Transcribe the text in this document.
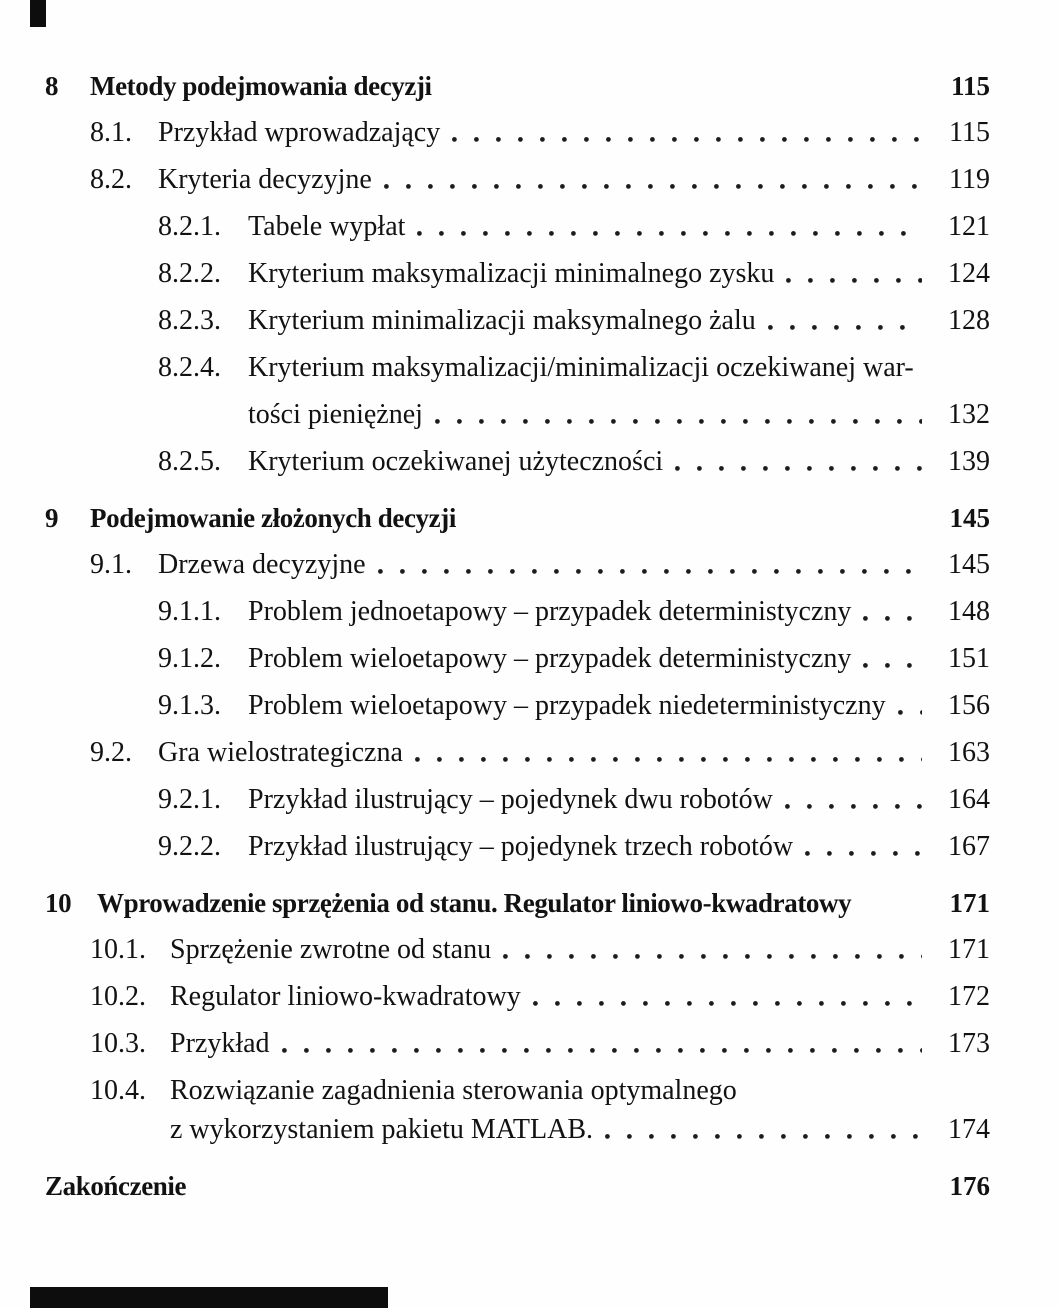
8	Metody podejmowania decyzji	115
8.1. Przykład wprowadzający	115
8.2. Kryteria decyzyjne	119
8.2.1. Tabele wypłat	121
8.2.2. Kryterium maksymalizacji minimalnego zysku	124
8.2.3. Kryterium minimalizacji maksymalnego żalu	128
8.2.4. Kryterium maksymalizacji/minimalizacji oczekiwanej war-
tości pieniężnej	132
8.2.5. Kryterium oczekiwanej użyteczności	139
9	Podejmowanie złożonych decyzji	145
9.1. Drzewa decyzyjne	145
9.1.1. Problem jednoetapowy – przypadek deterministyczny	148
9.1.2. Problem wieloetapowy – przypadek deterministyczny	151
9.1.3. Problem wieloetapowy – przypadek niedeterministyczny	156
9.2. Gra wielostrategiczna	163
9.2.1. Przykład ilustrujący – pojedynek dwu robotów	164
9.2.2. Przykład ilustrujący – pojedynek trzech robotów	167
10 Wprowadzenie sprzężenia od stanu. Regulator liniowo-kwadratowy	171
10.1. Sprzężenie zwrotne od stanu	171
10.2. Regulator liniowo-kwadratowy	172
10.3. Przykład	173
10.4. Rozwiązanie zagadnienia sterowania optymalnego
z wykorzystaniem pakietu MATLAB.	174
Zakończenie	176
